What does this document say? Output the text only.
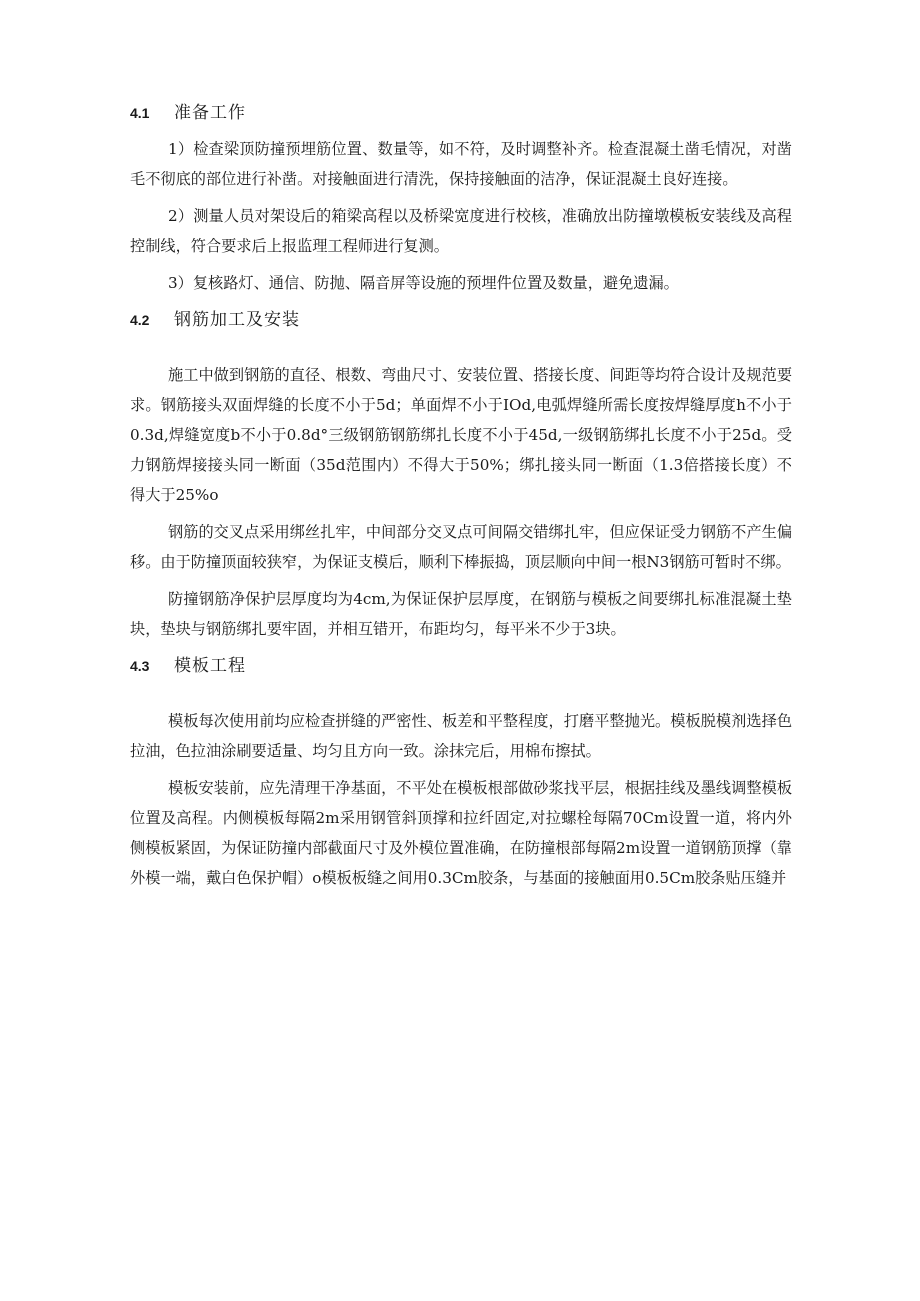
4.1	准备工作

1）检查梁顶防撞预埋筋位置、数量等，如不符，及时调整补齐。检查混凝土凿毛情况，对凿毛不彻底的部位进行补凿。对接触面进行清洗，保持接触面的洁净，保证混凝土良好连接。

2）测量人员对架设后的箱梁高程以及桥梁宽度进行校核，准确放出防撞墩模板安装线及高程控制线，符合要求后上报监理工程师进行复测。

3）复核路灯、通信、防抛、隔音屏等设施的预埋件位置及数量，避免遗漏。

4.2	钢筋加工及安装

施工中做到钢筋的直径、根数、弯曲尺寸、安装位置、搭接长度、间距等均符合设计及规范要求。钢筋接头双面焊缝的长度不小于5d；单面焊不小于IOd,电弧焊缝所需长度按焊缝厚度h不小于0.3d,焊缝宽度b不小于0.8d°三级钢筋钢筋绑扎长度不小于45d,一级钢筋绑扎长度不小于25d。受力钢筋焊接接头同一断面（35d范围内）不得大于50%；绑扎接头同一断面（1.3倍搭接长度）不得大于25%o

钢筋的交叉点采用绑丝扎牢，中间部分交叉点可间隔交错绑扎牢，但应保证受力钢筋不产生偏移。由于防撞顶面较狭窄，为保证支模后，顺利下棒振捣，顶层顺向中间一根N3钢筋可暂时不绑。

防撞钢筋净保护层厚度均为4cm,为保证保护层厚度，在钢筋与模板之间要绑扎标准混凝土垫块，垫块与钢筋绑扎要牢固，并相互错开，布距均匀，每平米不少于3块。

4.3	模板工程

模板每次使用前均应检查拼缝的严密性、板差和平整程度，打磨平整抛光。模板脱模剂选择色拉油，色拉油涂刷要适量、均匀且方向一致。涂抹完后，用棉布擦拭。

模板安装前，应先清理干净基面，不平处在模板根部做砂浆找平层，根据挂线及墨线调整模板位置及高程。内侧模板每隔2m采用钢管斜顶撑和拉纤固定,对拉螺栓每隔70Cm设置一道，将内外侧模板紧固，为保证防撞内部截面尺寸及外模位置准确，在防撞根部每隔2m设置一道钢筋顶撑（靠外模一端，戴白色保护帽）o模板板缝之间用0.3Cm胶条，与基面的接触面用0.5Cm胶条贴压缝并
